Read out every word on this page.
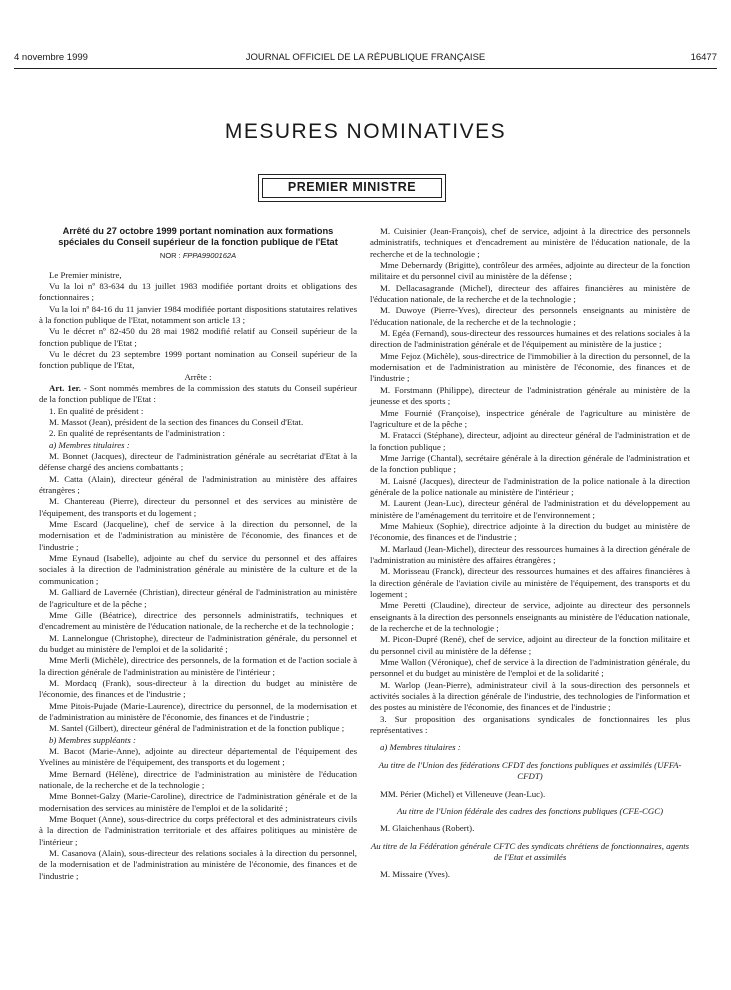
4 novembre 1999	JOURNAL OFFICIEL DE LA RÉPUBLIQUE FRANÇAISE	16477
MESURES NOMINATIVES
PREMIER MINISTRE
Arrêté du 27 octobre 1999 portant nomination aux formations spéciales du Conseil supérieur de la fonction publique de l'Etat
NOR : FPPA9900162A

Le Premier ministre,

Vu la loi nº 83-634 du 13 juillet 1983 modifiée portant droits et obligations des fonctionnaires ;

Vu la loi nº 84-16 du 11 janvier 1984 modifiée portant dispositions statutaires relatives à la fonction publique de l'Etat, notamment son article 13 ;

Vu le décret nº 82-450 du 28 mai 1982 modifié relatif au Conseil supérieur de la fonction publique de l'Etat ;

Vu le décret du 23 septembre 1999 portant nomination au Conseil supérieur de la fonction publique de l'Etat,

Arrête :

Art. 1er. - Sont nommés membres de la commission des statuts du Conseil supérieur de la fonction publique de l'Etat :

1. En qualité de président :

M. Massot (Jean), président de la section des finances du Conseil d'Etat.

2. En qualité de représentants de l'administration :

a) Membres titulaires :

M. Bonnet (Jacques), directeur de l'administration générale au secrétariat d'Etat à la défense chargé des anciens combattants ;

M. Catta (Alain), directeur général de l'administration au ministère des affaires étrangères ;

M. Chantereau (Pierre), directeur du personnel et des services au ministère de l'équipement, des transports et du logement ;

Mme Escard (Jacqueline), chef de service à la direction du personnel, de la modernisation et de l'administration au ministère de l'économie, des finances et de l'industrie ;

Mme Eynaud (Isabelle), adjointe au chef du service du personnel et des affaires sociales à la direction de l'administration générale au ministère de la culture et de la communication ;

M. Galliard de Lavernée (Christian), directeur général de l'administration au ministère de l'agriculture et de la pêche ;

Mme Gille (Béatrice), directrice des personnels administratifs, techniques et d'encadrement au ministère de l'éducation nationale, de la recherche et de la technologie ;

M. Lannelongue (Christophe), directeur de l'administration générale, du personnel et du budget au ministère de l'emploi et de la solidarité ;

Mme Merli (Michèle), directrice des personnels, de la formation et de l'action sociale à la direction générale de l'administration au ministère de l'intérieur ;

M. Mordacq (Frank), sous-directeur à la direction du budget au ministère de l'économie, des finances et de l'industrie ;

Mme Pitois-Pujade (Marie-Laurence), directrice du personnel, de la modernisation et de l'administration au ministère de l'économie, des finances et de l'industrie ;

M. Santel (Gilbert), directeur général de l'administration et de la fonction publique ;

b) Membres suppléants :

M. Bacot (Marie-Anne), adjointe au directeur départemental de l'équipement des Yvelines au ministère de l'équipement, des transports et du logement ;

Mme Bernard (Hélène), directrice de l'administration au ministère de l'éducation nationale, de la recherche et de la technologie ;

Mme Bonnet-Galzy (Marie-Caroline), directrice de l'administration générale et de la modernisation des services au ministère de l'emploi et de la solidarité ;

Mme Boquet (Anne), sous-directrice du corps préfectoral et des administrateurs civils à la direction de l'administration territoriale et des affaires politiques au ministère de l'intérieur ;

M. Casanova (Alain), sous-directeur des relations sociales à la direction du personnel, de la modernisation et de l'administration au ministère de l'économie, des finances et de l'industrie ;

M. Cuisinier (Jean-François), chef de service, adjoint à la directrice des personnels administratifs, techniques et d'encadrement au ministère de l'éducation nationale, de la recherche et de la technologie ;

Mme Debernardy (Brigitte), contrôleur des armées, adjointe au directeur de la fonction militaire et du personnel civil au ministère de la défense ;

M. Dellacasagrande (Michel), directeur des affaires financières au ministère de l'éducation nationale, de la recherche et de la technologie ;

M. Duwoye (Pierre-Yves), directeur des personnels enseignants au ministère de l'éducation nationale, de la recherche et de la technologie ;

M. Egéa (Fernand), sous-directeur des ressources humaines et des relations sociales à la direction de l'administration générale et de l'équipement au ministère de la justice ;

Mme Fejoz (Michèle), sous-directrice de l'immobilier à la direction du personnel, de la modernisation et de l'administration au ministère de l'économie, des finances et de l'industrie ;

M. Forstmann (Philippe), directeur de l'administration générale au ministère de la jeunesse et des sports ;

Mme Fournié (Françoise), inspectrice générale de l'agriculture au ministère de l'agriculture et de la pêche ;

M. Fratacci (Stéphane), directeur, adjoint au directeur général de l'administration et de la fonction publique ;

Mme Jarrige (Chantal), secrétaire générale à la direction générale de l'administration et de la fonction publique ;

M. Laisné (Jacques), directeur de l'administration de la police nationale à la direction générale de la police nationale au ministère de l'intérieur ;

M. Laurent (Jean-Luc), directeur général de l'administration et du développement au ministère de l'aménagement du territoire et de l'environnement ;

Mme Mahieux (Sophie), directrice adjointe à la direction du budget au ministère de l'économie, des finances et de l'industrie ;

M. Marlaud (Jean-Michel), directeur des ressources humaines à la direction générale de l'administration au ministère des affaires étrangères ;

M. Morisseau (Franck), directeur des ressources humaines et des affaires financières à la direction générale de l'aviation civile au ministère de l'équipement, des transports et du logement ;

Mme Peretti (Claudine), directeur de service, adjointe au directeur des personnels enseignants à la direction des personnels enseignants au ministère de l'éducation nationale, de la recherche et de la technologie ;

M. Picon-Dupré (René), chef de service, adjoint au directeur de la fonction militaire et du personnel civil au ministère de la défense ;

Mme Wallon (Véronique), chef de service à la direction de l'administration générale, du personnel et du budget au ministère de l'emploi et de la solidarité ;

M. Warlop (Jean-Pierre), administrateur civil à la sous-direction des personnels et activités sociales à la direction générale de l'industrie, des technologies de l'information et des postes au ministère de l'économie, des finances et de l'industrie ;

3. Sur proposition des organisations syndicales de fonctionnaires les plus représentatives :

a) Membres titulaires :

Au titre de l'Union des fédérations CFDT des fonctions publiques et assimilés (UFFA-CFDT)

MM. Périer (Michel) et Villeneuve (Jean-Luc).

Au titre de l'Union fédérale des cadres des fonctions publiques (CFE-CGC)

M. Glaichenhaus (Robert).

Au titre de la Fédération générale CFTC des syndicats chrétiens de fonctionnaires, agents de l'Etat et assimilés

M. Missaire (Yves).
